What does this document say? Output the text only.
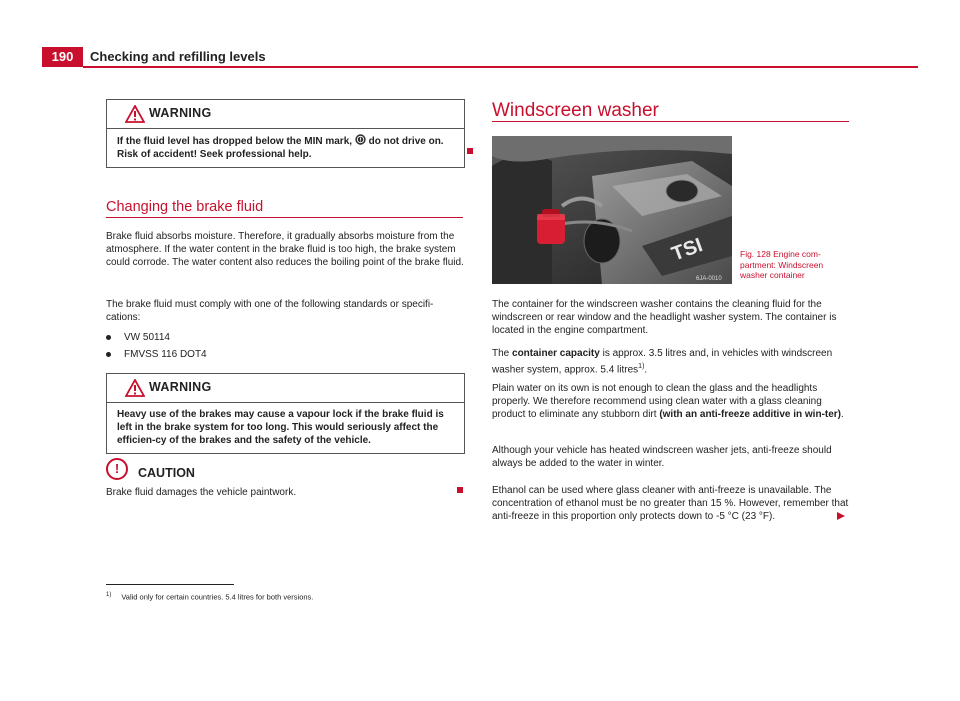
190	Checking and refilling levels
WARNING
If the fluid level has dropped below the MIN mark,  do not drive on. Risk of accident! Seek professional help.
Changing the brake fluid
Brake fluid absorbs moisture. Therefore, it gradually absorbs moisture from the atmosphere. If the water content in the brake fluid is too high, the brake system could corrode. The water content also reduces the boiling point of the brake fluid.
The brake fluid must comply with one of the following standards or specifi-cations:
VW 50114
FMVSS 116 DOT4
WARNING
Heavy use of the brakes may cause a vapour lock if the brake fluid is left in the brake system for too long. This would seriously affect the efficien-cy of the brakes and the safety of the vehicle.
!	CAUTION
Brake fluid damages the vehicle paintwork.
Windscreen washer
TSI
6JA-0010
Fig. 128 Engine com-partment: Windscreen washer container
The container for the windscreen washer contains the cleaning fluid for the windscreen or rear window and the headlight washer system. The container is located in the engine compartment.
The container capacity is approx. 3.5 litres and, in vehicles with windscreen washer system, approx. 5.4 litres$^{1)}$.
Plain water on its own is not enough to clean the glass and the headlights properly. We therefore recommend using clean water with a glass cleaning product to eliminate any stubborn dirt (with an anti-freeze additive in win-ter).
Although your vehicle has heated windscreen washer jets, anti-freeze should always be added to the water in winter.
Ethanol can be used where glass cleaner with anti-freeze is unavailable. The concentration of ethanol must be no greater than 15 %. However, remember that anti-freeze in this proportion only protects down to -5 °C (23 °F).
$^{1)}$ Valid only for certain countries. 5.4 litres for both versions.
